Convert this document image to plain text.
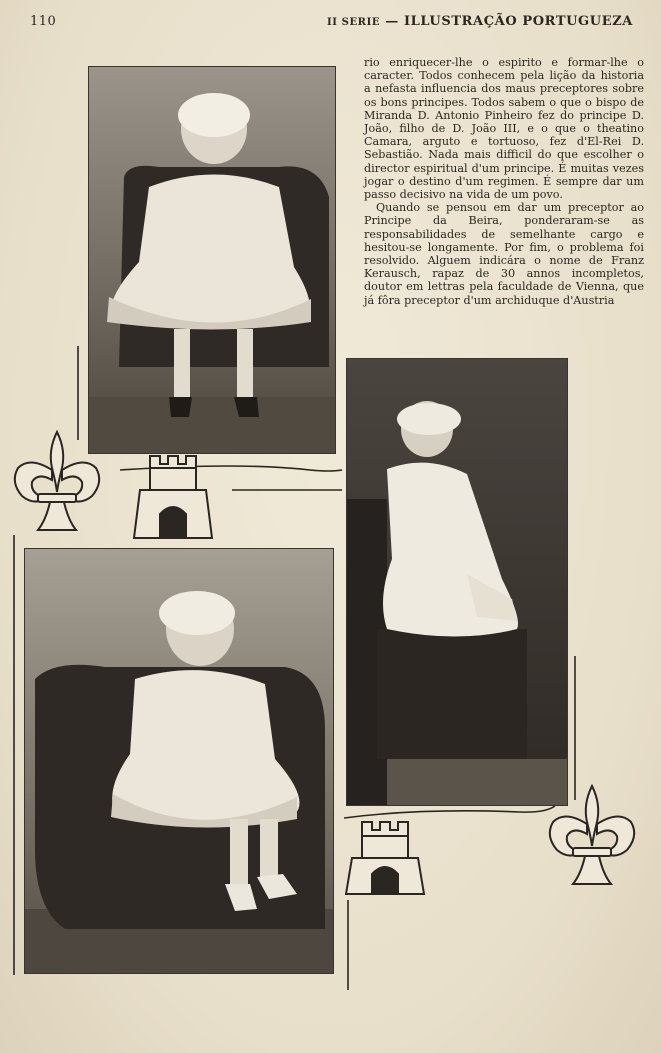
110	II SERIE — ILLUSTRAÇÃO PORTUGUEZA

rio enriquecer-lhe o espirito e formar-lhe o caracter. Todos conhecem pela lição da historia a nefasta influencia dos maus preceptores sobre os bons principes. Todos sabem o que o bispo de Miranda D. Antonio Pinheiro fez do principe D. João, filho de D. João III, e o que o theatino Camara, arguto e tortuoso, fez d'El-Rei D. Sebastião. Nada mais difficil do que escolher o director espiritual d'um principe. É muitas vezes jogar o destino d'um regimen. É sempre dar um passo decisivo na vida de um povo.

Quando se pensou em dar um preceptor ao Principe da Beira, ponderaram-se as responsabilidades de semelhante cargo e hesitou-se longamente. Por fim, o problema foi resolvido. Alguem indicára o nome de Franz Kerausch, rapaz de 30 annos incompletos, doutor em lettras pela faculdade de Vienna, que já fôra preceptor d'um archiduque d'Austria
